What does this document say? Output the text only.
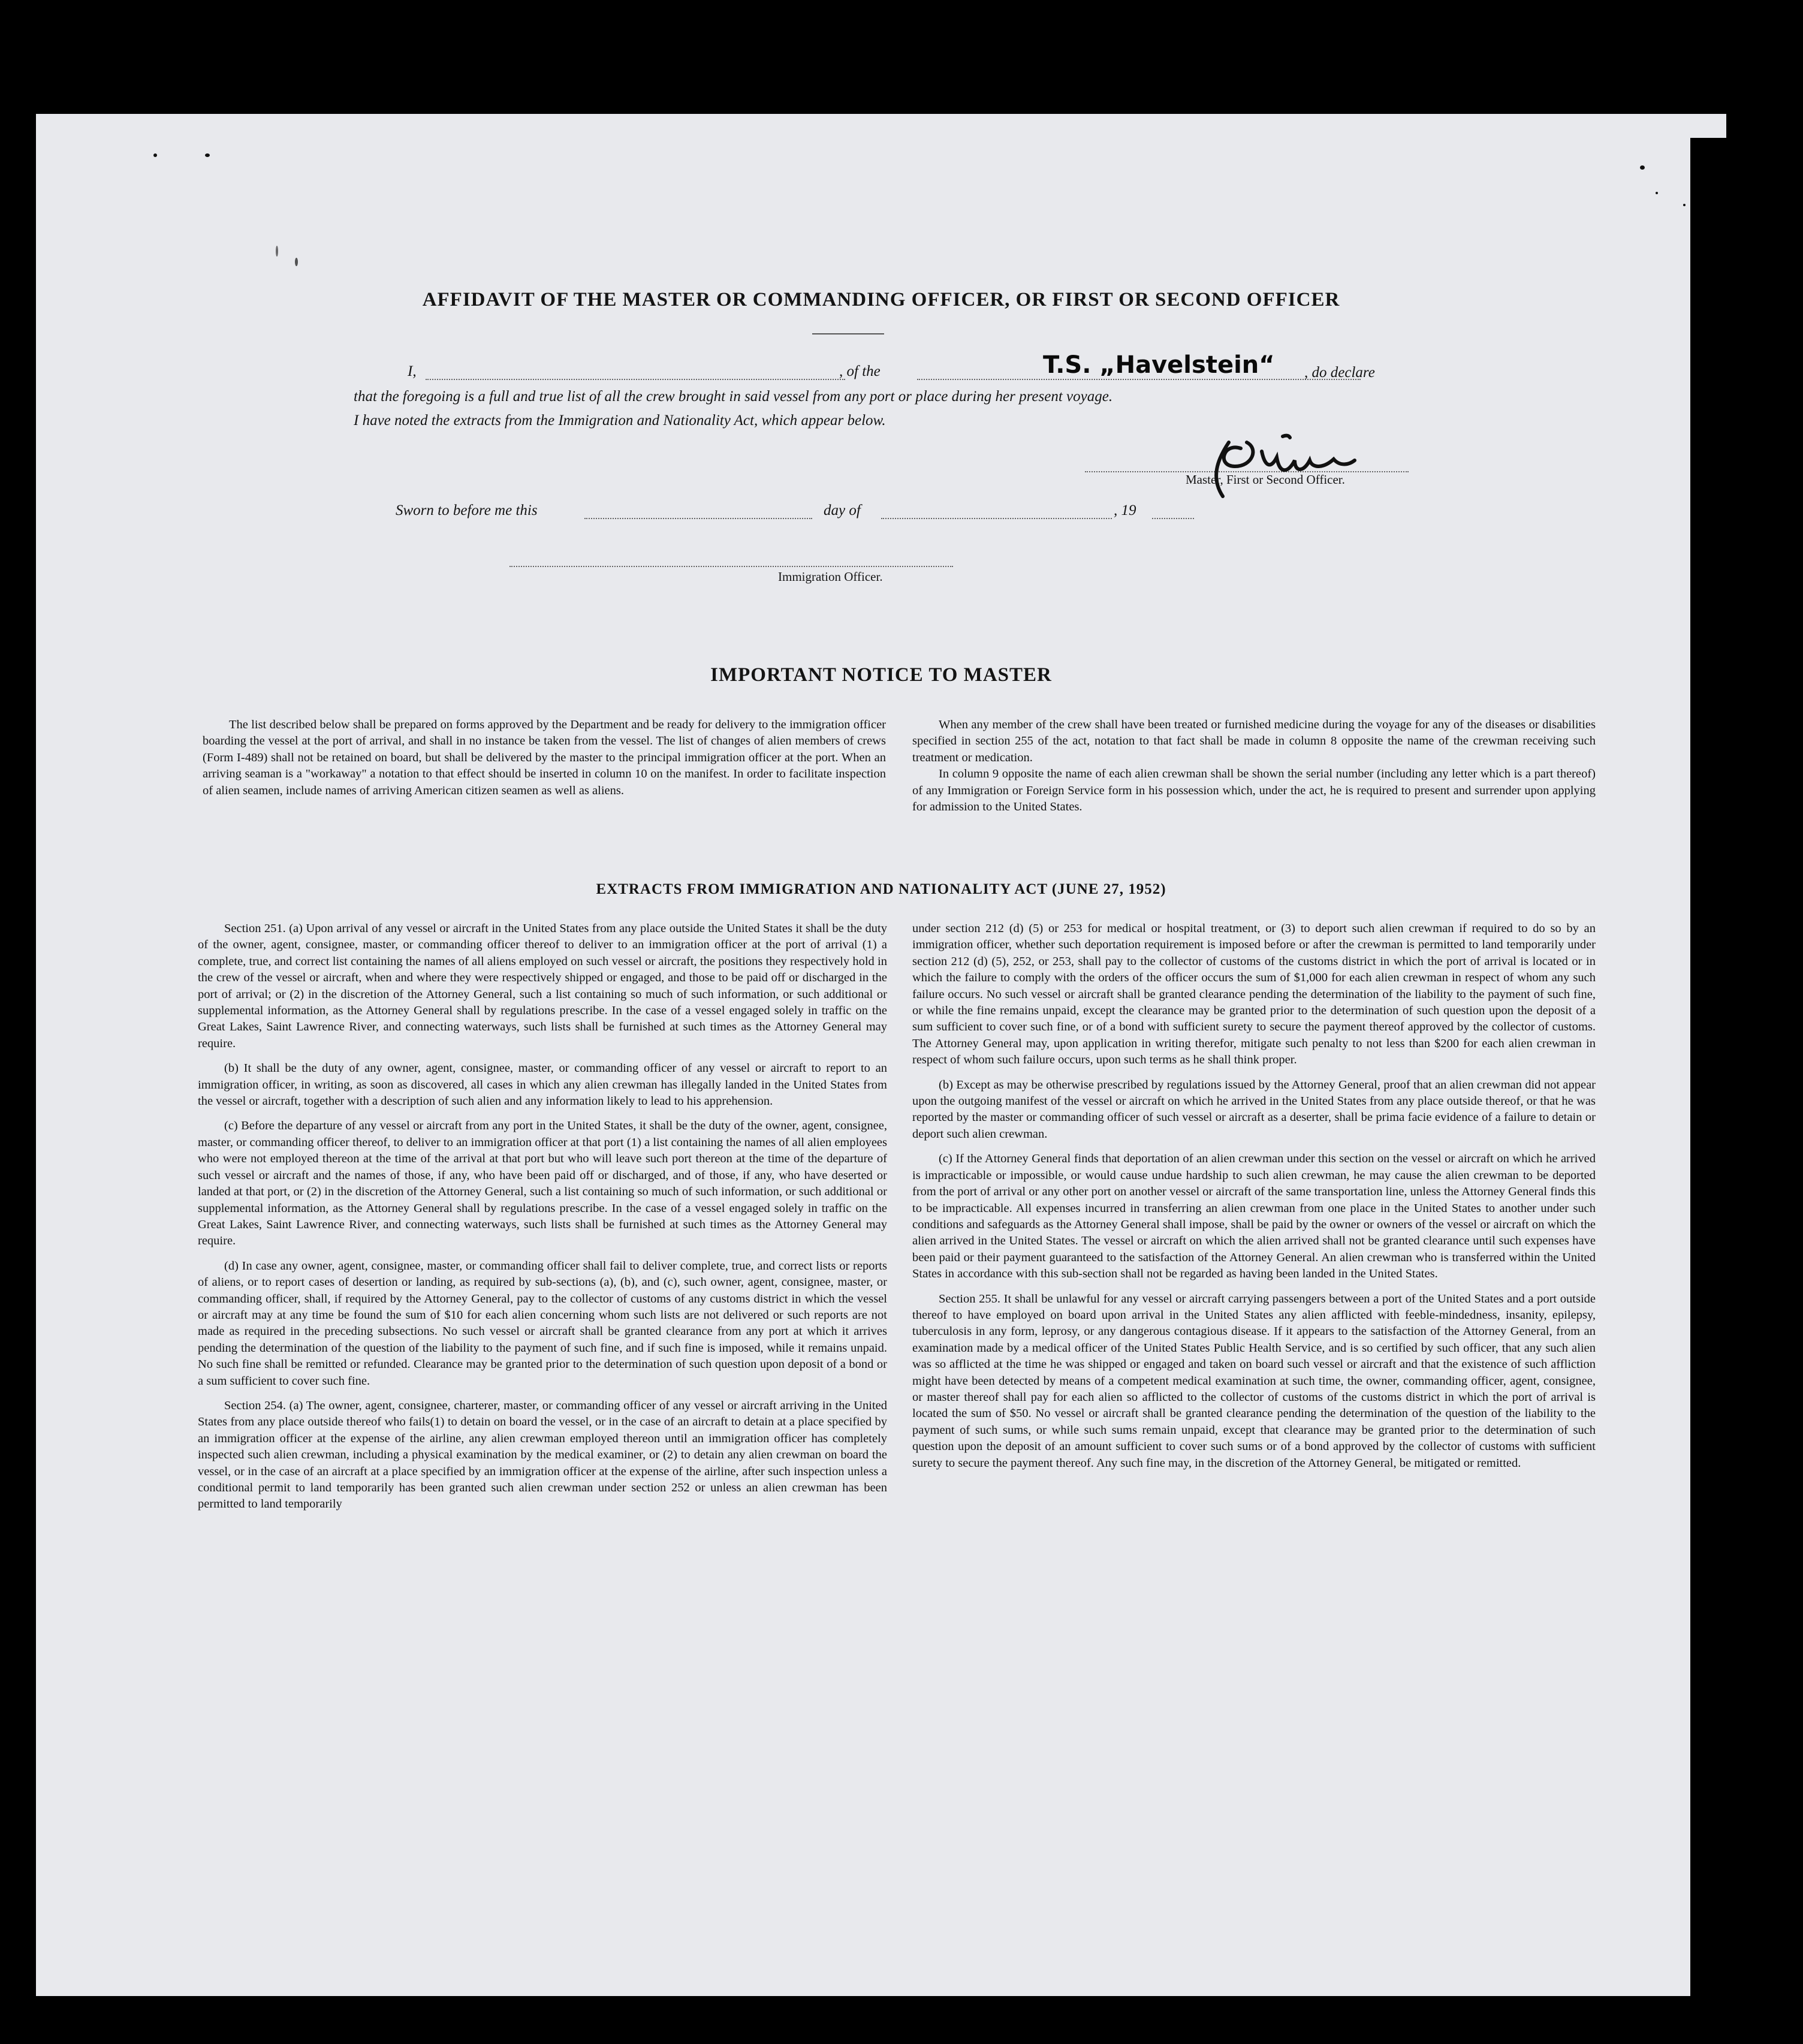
AFFIDAVIT OF THE MASTER OR COMMANDING OFFICER, OR FIRST OR SECOND OFFICER
I,	, of the	T.S. „Havelstein“ , do declare
that the foregoing is a full and true list of all the crew brought in said vessel from any port or place during her present voyage.
I have noted the extracts from the Immigration and Nationality Act, which appear below.
Master, First or Second Officer.
Sworn to before me this	day of	, 19
Immigration Officer.
IMPORTANT NOTICE TO MASTER

The list described below shall be prepared on forms approved by the Department and be ready for delivery to the immigration officer boarding the vessel at the port of arrival, and shall in no instance be taken from the vessel. The list of changes of alien members of crews (Form I-489) shall not be retained on board, but shall be delivered by the master to the principal immigration officer at the port. When an arriving seaman is a "workaway" a notation to that effect should be inserted in column 10 on the manifest. In order to facilitate inspection of alien seamen, include names of arriving American citizen seamen as well as aliens.

When any member of the crew shall have been treated or furnished medicine during the voyage for any of the diseases or disabilities specified in section 255 of the act, notation to that fact shall be made in column 8 opposite the name of the crewman receiving such treatment or medication.

In column 9 opposite the name of each alien crewman shall be shown the serial number (including any letter which is a part thereof) of any Immigration or Foreign Service form in his possession which, under the act, he is required to present and surrender upon applying for admission to the United States.

EXTRACTS FROM IMMIGRATION AND NATIONALITY ACT (JUNE 27, 1952)

Section 251. (a) Upon arrival of any vessel or aircraft in the United States from any place outside the United States it shall be the duty of the owner, agent, consignee, master, or commanding officer thereof to deliver to an immigration officer at the port of arrival (1) a complete, true, and correct list containing the names of all aliens employed on such vessel or aircraft, the positions they respectively hold in the crew of the vessel or aircraft, when and where they were respectively shipped or engaged, and those to be paid off or discharged in the port of arrival; or (2) in the discretion of the Attorney General, such a list containing so much of such information, or such additional or supplemental information, as the Attorney General shall by regulations prescribe. In the case of a vessel engaged solely in traffic on the Great Lakes, Saint Lawrence River, and connecting waterways, such lists shall be furnished at such times as the Attorney General may require.

(b) It shall be the duty of any owner, agent, consignee, master, or commanding officer of any vessel or aircraft to report to an immigration officer, in writing, as soon as discovered, all cases in which any alien crewman has illegally landed in the United States from the vessel or aircraft, together with a description of such alien and any information likely to lead to his apprehension.

(c) Before the departure of any vessel or aircraft from any port in the United States, it shall be the duty of the owner, agent, consignee, master, or commanding officer thereof, to deliver to an immigration officer at that port (1) a list containing the names of all alien employees who were not employed thereon at the time of the arrival at that port but who will leave such port thereon at the time of the departure of such vessel or aircraft and the names of those, if any, who have been paid off or discharged, and of those, if any, who have deserted or landed at that port, or (2) in the discretion of the Attorney General, such a list containing so much of such information, or such additional or supplemental information, as the Attorney General shall by regulations prescribe. In the case of a vessel engaged solely in traffic on the Great Lakes, Saint Lawrence River, and connecting waterways, such lists shall be furnished at such times as the Attorney General may require.

(d) In case any owner, agent, consignee, master, or commanding officer shall fail to deliver complete, true, and correct lists or reports of aliens, or to report cases of desertion or landing, as required by sub-sections (a), (b), and (c), such owner, agent, consignee, master, or commanding officer, shall, if required by the Attorney General, pay to the collector of customs of any customs district in which the vessel or aircraft may at any time be found the sum of $10 for each alien concerning whom such lists are not delivered or such reports are not made as required in the preceding subsections. No such vessel or aircraft shall be granted clearance from any port at which it arrives pending the determination of the question of the liability to the payment of such fine, and if such fine is imposed, while it remains unpaid. No such fine shall be remitted or refunded. Clearance may be granted prior to the determination of such question upon deposit of a bond or a sum sufficient to cover such fine.

Section 254. (a) The owner, agent, consignee, charterer, master, or commanding officer of any vessel or aircraft arriving in the United States from any place outside thereof who fails(1) to detain on board the vessel, or in the case of an aircraft to detain at a place specified by an immigration officer at the expense of the airline, any alien crewman employed thereon until an immigration officer has completely inspected such alien crewman, including a physical examination by the medical examiner, or (2) to detain any alien crewman on board the vessel, or in the case of an aircraft at a place specified by an immigration officer at the expense of the airline, after such inspection unless a conditional permit to land temporarily has been granted such alien crewman under section 252 or unless an alien crewman has been permitted to land temporarily

under section 212 (d) (5) or 253 for medical or hospital treatment, or (3) to deport such alien crewman if required to do so by an immigration officer, whether such deportation requirement is imposed before or after the crewman is permitted to land temporarily under section 212 (d) (5), 252, or 253, shall pay to the collector of customs of the customs district in which the port of arrival is located or in which the failure to comply with the orders of the officer occurs the sum of $1,000 for each alien crewman in respect of whom any such failure occurs. No such vessel or aircraft shall be granted clearance pending the determination of the liability to the payment of such fine, or while the fine remains unpaid, except the clearance may be granted prior to the determination of such question upon the deposit of a sum sufficient to cover such fine, or of a bond with sufficient surety to secure the payment thereof approved by the collector of customs. The Attorney General may, upon application in writing therefor, mitigate such penalty to not less than $200 for each alien crewman in respect of whom such failure occurs, upon such terms as he shall think proper.

(b) Except as may be otherwise prescribed by regulations issued by the Attorney General, proof that an alien crewman did not appear upon the outgoing manifest of the vessel or aircraft on which he arrived in the United States from any place outside thereof, or that he was reported by the master or commanding officer of such vessel or aircraft as a deserter, shall be prima facie evidence of a failure to detain or deport such alien crewman.

(c) If the Attorney General finds that deportation of an alien crewman under this section on the vessel or aircraft on which he arrived is impracticable or impossible, or would cause undue hardship to such alien crewman, he may cause the alien crewman to be deported from the port of arrival or any other port on another vessel or aircraft of the same transportation line, unless the Attorney General finds this to be impracticable. All expenses incurred in transferring an alien crewman from one place in the United States to another under such conditions and safeguards as the Attorney General shall impose, shall be paid by the owner or owners of the vessel or aircraft on which the alien arrived in the United States. The vessel or aircraft on which the alien arrived shall not be granted clearance until such expenses have been paid or their payment guaranteed to the satisfaction of the Attorney General. An alien crewman who is transferred within the United States in accordance with this sub-section shall not be regarded as having been landed in the United States.

Section 255. It shall be unlawful for any vessel or aircraft carrying passengers between a port of the United States and a port outside thereof to have employed on board upon arrival in the United States any alien afflicted with feeble-mindedness, insanity, epilepsy, tuberculosis in any form, leprosy, or any dangerous contagious disease. If it appears to the satisfaction of the Attorney General, from an examination made by a medical officer of the United States Public Health Service, and is so certified by such officer, that any such alien was so afflicted at the time he was shipped or engaged and taken on board such vessel or aircraft and that the existence of such affliction might have been detected by means of a competent medical examination at such time, the owner, commanding officer, agent, consignee, or master thereof shall pay for each alien so afflicted to the collector of customs of the customs district in which the port of arrival is located the sum of $50. No vessel or aircraft shall be granted clearance pending the determination of the question of the liability to the payment of such sums, or while such sums remain unpaid, except that clearance may be granted prior to the determination of such question upon the deposit of an amount sufficient to cover such sums or of a bond approved by the collector of customs with sufficient surety to secure the payment thereof. Any such fine may, in the discretion of the Attorney General, be mitigated or remitted.
